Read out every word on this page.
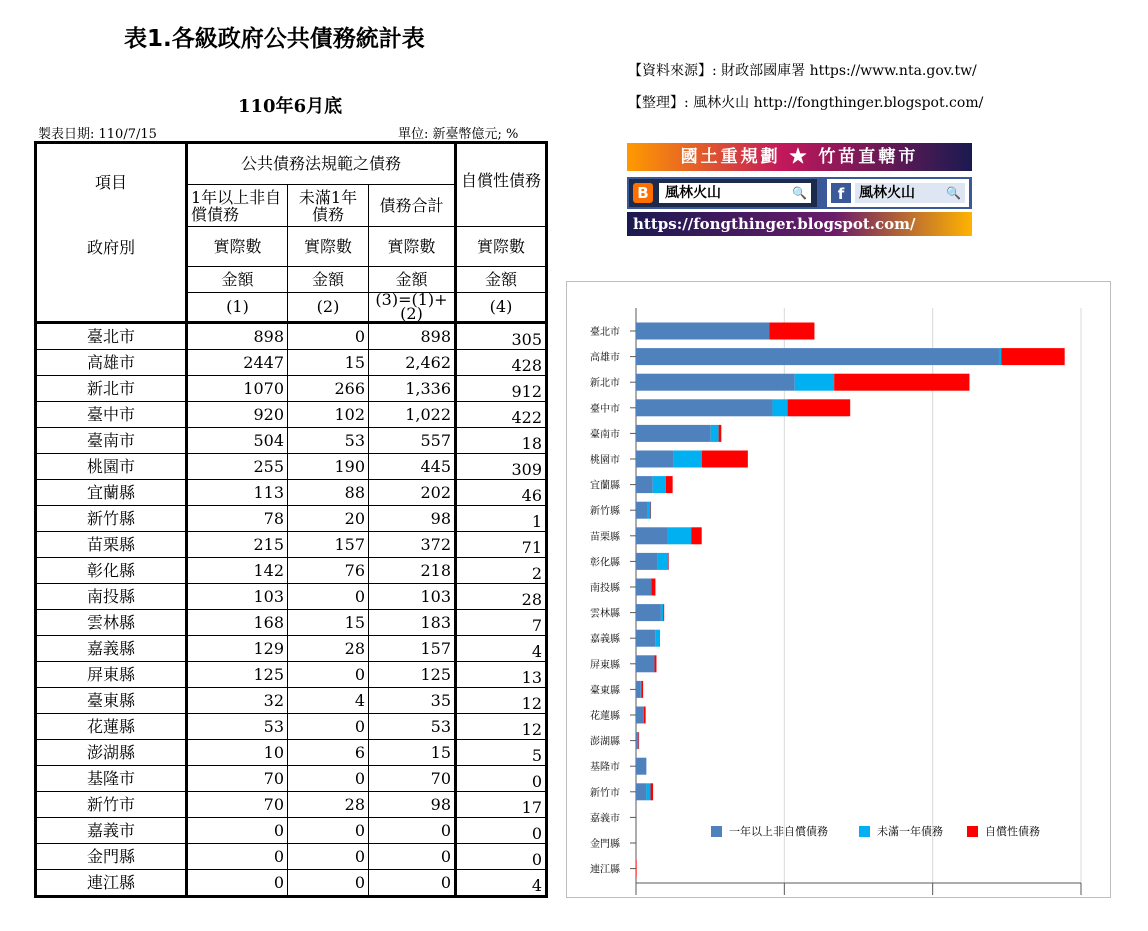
表1.各級政府公共債務統計表
110年6月底
製表日期: 110/7/15	單位: 新臺幣億元; %
【資料來源】: 財政部國庫署 https://www.nta.gov.tw/
【整理】: 風林火山 http://fongthinger.blogspot.com/
國土重規劃 ★ 竹苗直轄市
B	風林火山	🔍	f	風林火山	🔍
https://fongthinger.blogspot.com/
項目	公共債務法規範之債務			自償性債務
	1年以上非自償債務	未滿1年債務	債務合計	
政府別	實際數	實際數	實際數	實際數
	金額	金額	金額	金額
	(1)	(2)	(3)=(1)+(2)	(4)
臺北市	898	0	898	305
高雄市	2447	15	2,462	428
新北市	1070	266	1,336	912
臺中市	920	102	1,022	422
臺南市	504	53	557	18
桃園市	255	190	445	309
宜蘭縣	113	88	202	46
新竹縣	78	20	98	1
苗栗縣	215	157	372	71
彰化縣	142	76	218	2
南投縣	103	0	103	28
雲林縣	168	15	183	7
嘉義縣	129	28	157	4
屏東縣	125	0	125	13
臺東縣	32	4	35	12
花蓮縣	53	0	53	12
澎湖縣	10	6	15	5
基隆市	70	0	70	0
新竹市	70	28	98	17
嘉義市	0	0	0	0
金門縣	0	0	0	0
連江縣	0	0	0	4
臺北市
高雄市
新北市
臺中市
臺南市
桃園市
宜蘭縣
新竹縣
苗栗縣
彰化縣
南投縣
雲林縣
嘉義縣
屏東縣
臺東縣
花蓮縣
澎湖縣
基隆市
新竹市
嘉義市
金門縣
連江縣
一年以上非自償債務	未滿一年債務	自償性債務
